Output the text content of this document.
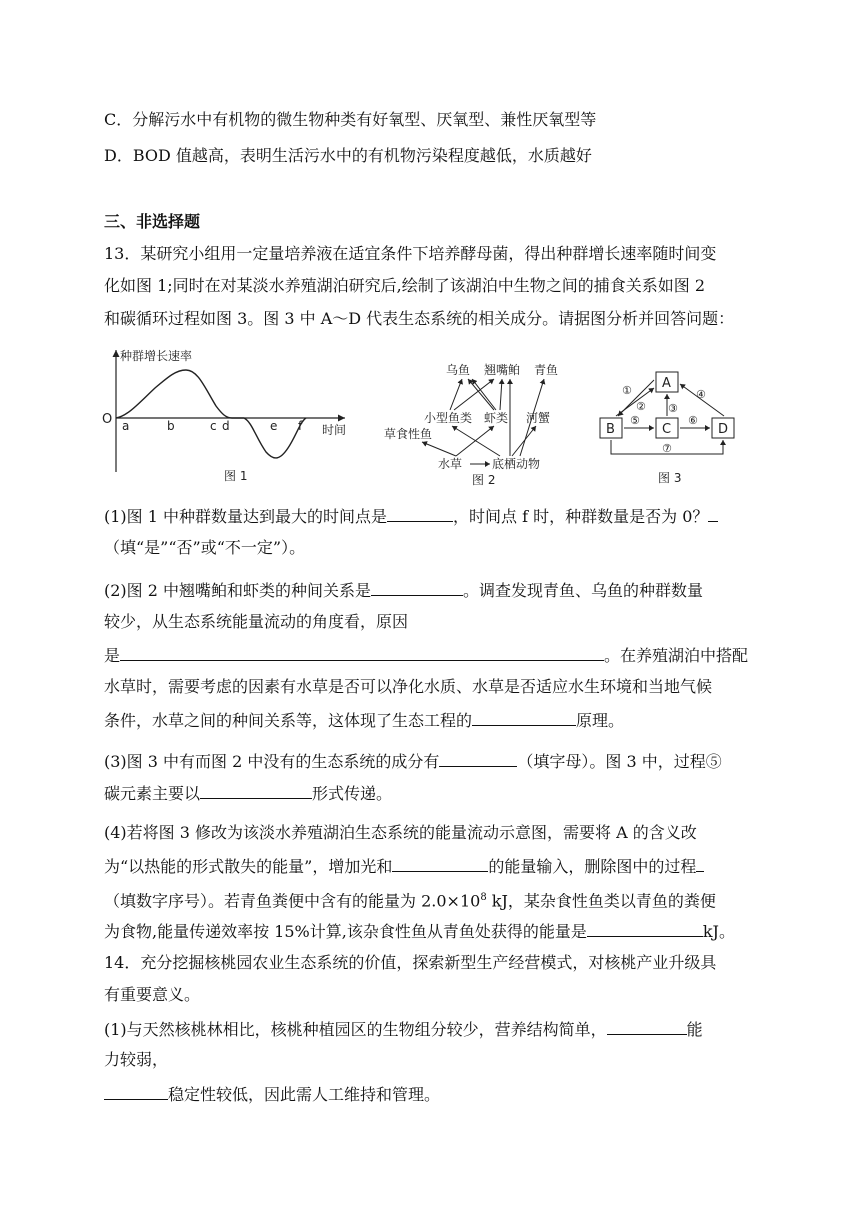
C．分解污水中有机物的微生物种类有好氧型、厌氧型、兼性厌氧型等
D．BOD 值越高，表明生活污水中的有机物污染程度越低，水质越好
三、非选择题
13．某研究小组用一定量培养液在适宜条件下培养酵母菌，得出种群增长速率随时间变
化如图 1;同时在对某淡水养殖湖泊研究后,绘制了该湖泊中生物之间的捕食关系如图 2
和碳循环过程如图 3。图 3 中 A～D 代表生态系统的相关成分。请据图分析并回答问题：
种群增长速率
时间
O a	b	c d	e f
图 1
乌鱼 翘嘴鲌 青鱼
小型鱼类 虾类 河蟹
草食性鱼
水草 底栖动物
图 2
A
B	C	D
①
② ③
④
⑤	⑥
⑦
图 3
(1)图 1 中种群数量达到最大的时间点是	，时间点 f 时，种群数量是否为 0？
（填“是”“否”或“不一定”）。
(2)图 2 中翘嘴鲌和虾类的种间关系是	。调查发现青鱼、乌鱼的种群数量
较少，从生态系统能量流动的角度看，原因
是	。在养殖湖泊中搭配
水草时，需要考虑的因素有水草是否可以净化水质、水草是否适应水生环境和当地气候
条件，水草之间的种间关系等，这体现了生态工程的	原理。
(3)图 3 中有而图 2 中没有的生态系统的成分有	（填字母）。图 3 中，过程⑤
碳元素主要以	形式传递。
(4)若将图 3 修改为该淡水养殖湖泊生态系统的能量流动示意图，需要将 A 的含义改
为“以热能的形式散失的能量”，增加光和	的能量输入，删除图中的过程
（填数字序号）。若青鱼粪便中含有的能量为 $2.0\times 10^8$ kJ，某杂食性鱼类以青鱼的粪便
为食物,能量传递效率按 15%计算,该杂食性鱼从青鱼处获得的能量是	kJ。
14．充分挖掘核桃园农业生态系统的价值，探索新型生产经营模式，对核桃产业升级具
有重要意义。
(1)与天然核桃林相比，核桃种植园区的生物组分较少，营养结构简单，	能
力较弱，
稳定性较低，因此需人工维持和管理。
